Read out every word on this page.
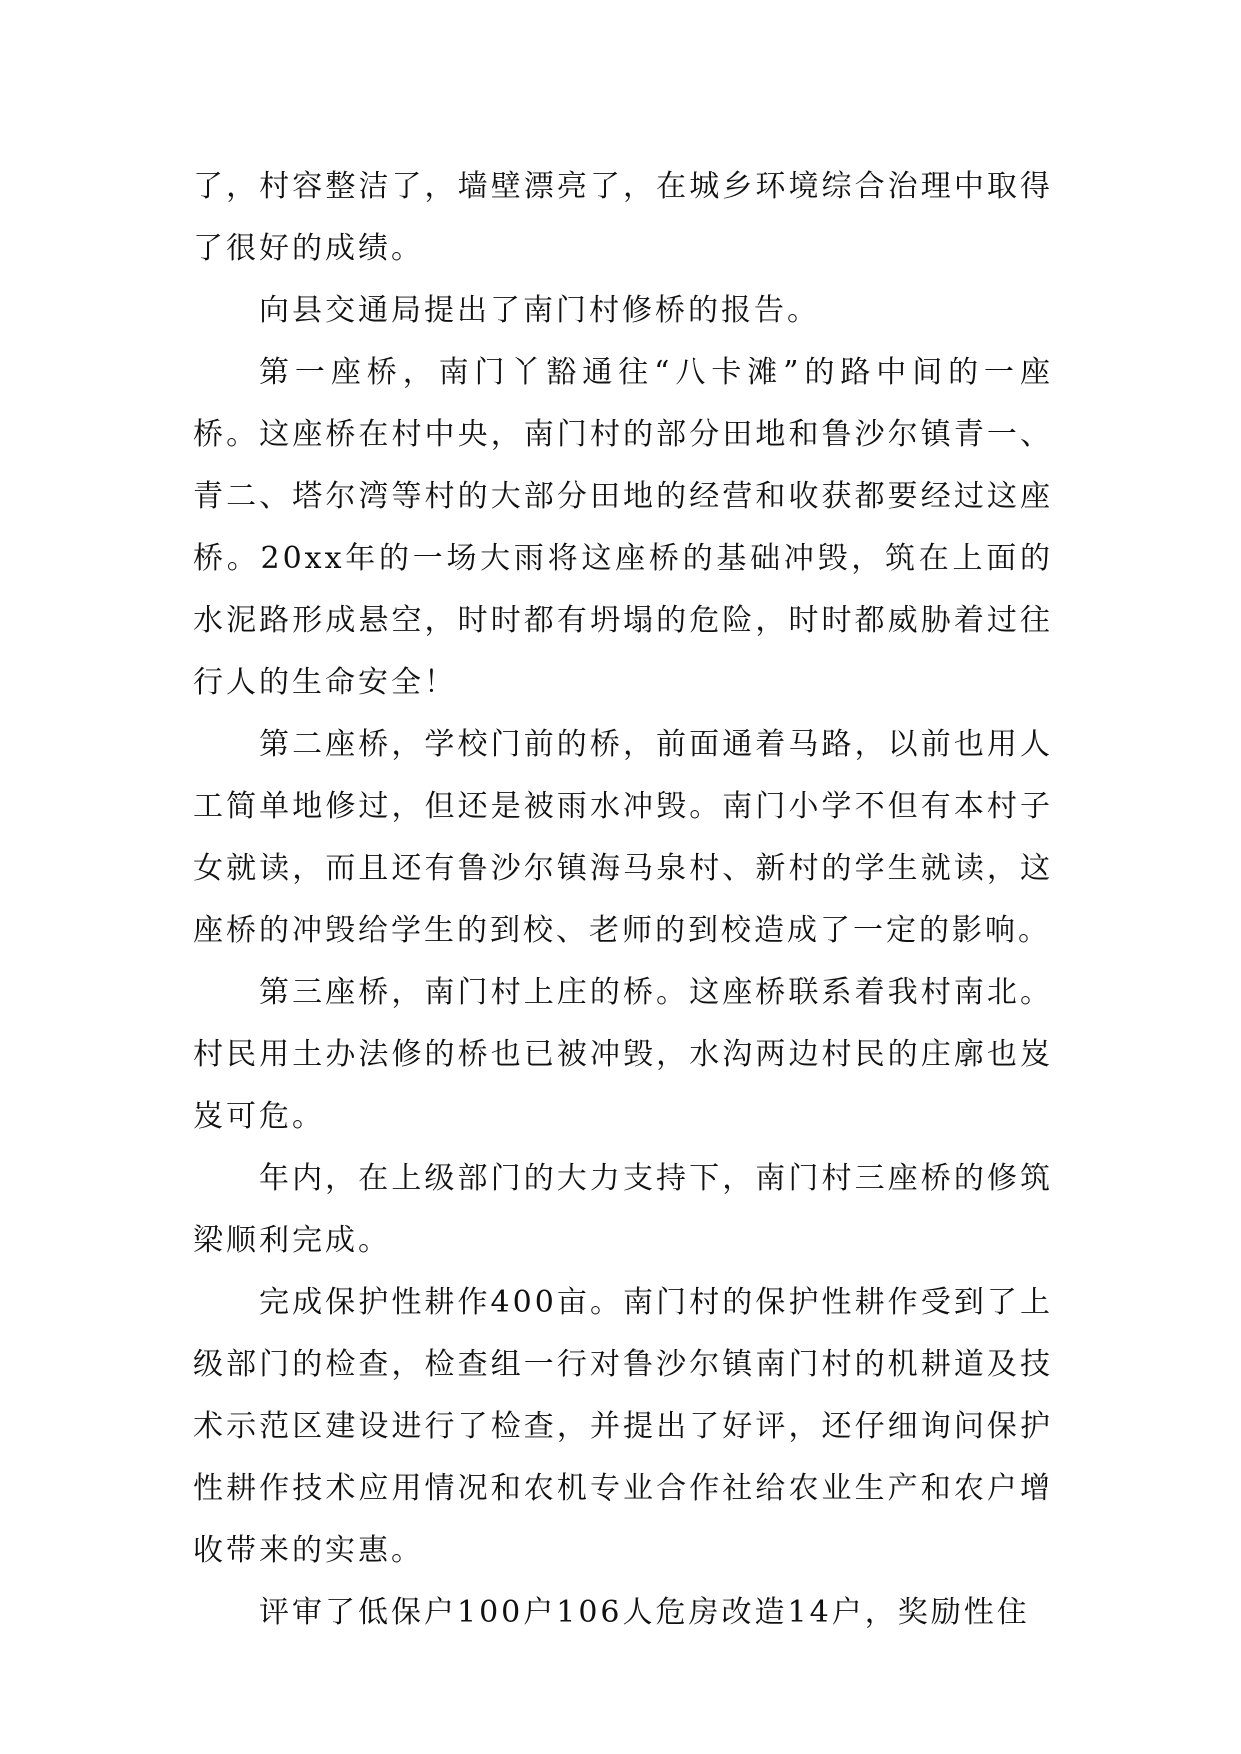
了，村容整洁了，墙壁漂亮了，在城乡环境综合治理中取得了很好的成绩。

向县交通局提出了南门村修桥的报告。

第一座桥，南门丫豁通往“八卡滩”的路中间的一座桥。这座桥在村中央，南门村的部分田地和鲁沙尔镇青一、青二、塔尔湾等村的大部分田地的经营和收获都要经过这座桥。20xx年的一场大雨将这座桥的基础冲毁，筑在上面的水泥路形成悬空，时时都有坍塌的危险，时时都威胁着过往行人的生命安全！

第二座桥，学校门前的桥，前面通着马路，以前也用人工简单地修过，但还是被雨水冲毁。南门小学不但有本村子女就读，而且还有鲁沙尔镇海马泉村、新村的学生就读，这座桥的冲毁给学生的到校、老师的到校造成了一定的影响。

第三座桥，南门村上庄的桥。这座桥联系着我村南北。村民用土办法修的桥也已被冲毁，水沟两边村民的庄廓也岌岌可危。

年内，在上级部门的大力支持下，南门村三座桥的修筑梁顺利完成。

完成保护性耕作400亩。南门村的保护性耕作受到了上级部门的检查，检查组一行对鲁沙尔镇南门村的机耕道及技术示范区建设进行了检查，并提出了好评，还仔细询问保护性耕作技术应用情况和农机专业合作社给农业生产和农户增收带来的实惠。

评审了低保户100户106人危房改造14户，奖励性住
